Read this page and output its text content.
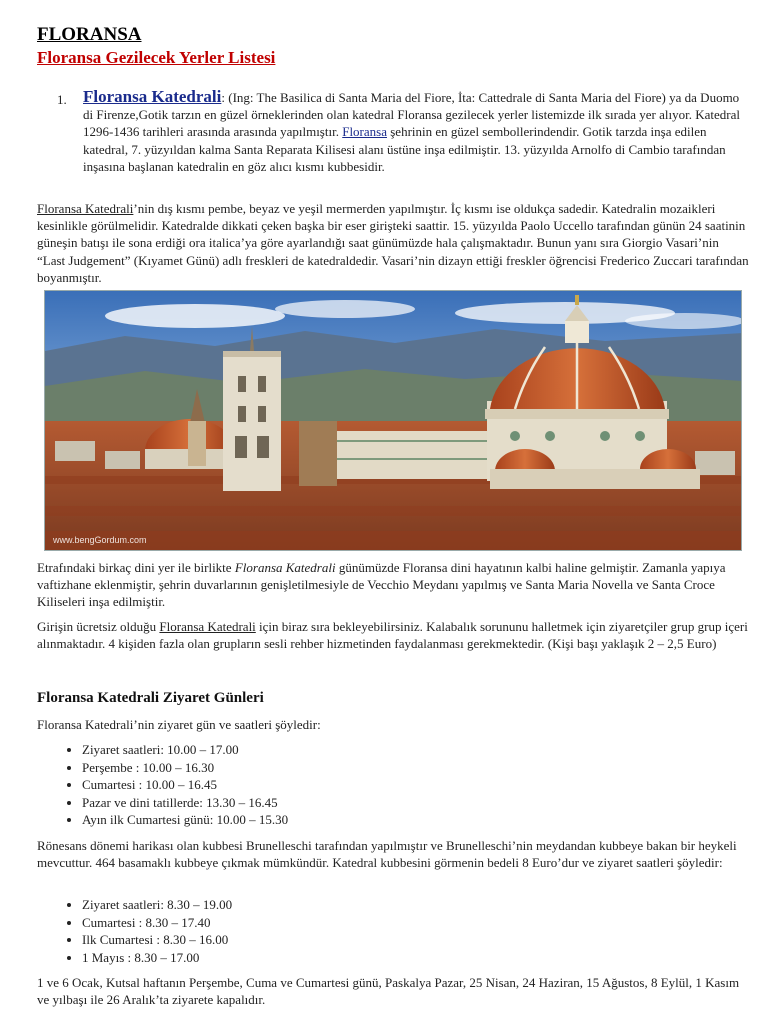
FLORANSA
Floransa Gezilecek Yerler Listesi
1. Floransa Katedrali: (Ing: The Basilica di Santa Maria del Fiore, İta: Cattedrale di Santa Maria del Fiore) ya da Duomo di Firenze,Gotik tarzın en güzel örneklerinden olan katedral Floransa gezilecek yerler listemizde ilk sırada yer alıyor. Katedral 1296-1436 tarihleri arasında arasında yapılmıştır. Floransa şehrinin en güzel sembollerindendir. Gotik tarzda inşa edilen katedral, 7. yüzyıldan kalma Santa Reparata Kilisesi alanı üstüne inşa edilmiştir. 13. yüzyılda Arnolfo di Cambio tarafından inşasına başlanan katedralin en göz alıcı kısmı kubbesidir.

Floransa Katedrali’nin dış kısmı pembe, beyaz ve yeşil mermerden yapılmıştır. İç kısmı ise oldukça sadedir. Katedralin mozaikleri kesinlikle görülmelidir. Katedralde dikkati çeken başka bir eser girişteki saattir. 15. yüzyılda Paolo Uccello tarafından günün 24 saatinin güneşin batışı ile sona erdiği ora italica’ya göre ayarlandığı saat günümüzde hala çalışmaktadır. Bunun yanı sıra Giorgio Vasari’nin “Last Judgement” (Kıyamet Günü) adlı freskleri de katedraldedir. Vasari’nin dizayn ettiği freskler öğrencisi Frederico Zuccari tarafından boyanmıştır.

www.bengGordum.com

Etrafındaki birkaç dini yer ile birlikte Floransa Katedrali günümüzde Floransa dini hayatının kalbi haline gelmiştir. Zamanla yapıya vaftizhane eklenmiştir, şehrin duvarlarının genişletilmesiyle de Vecchio Meydanı yapılmış ve Santa Maria Novella ve Santa Croce Kiliseleri inşa edilmiştir.

Girişin ücretsiz olduğu Floransa Katedrali için biraz sıra bekleyebilirsiniz. Kalabalık sorununu halletmek için ziyaretçiler grup grup içeri alınmaktadır. 4 kişiden fazla olan grupların sesli rehber hizmetinden faydalanması gerekmektedir. (Kişi başı yaklaşık 2 – 2,5 Euro)

Floransa Katedrali Ziyaret Günleri

Floransa Katedrali’nin ziyaret gün ve saatleri şöyledir:

• Ziyaret saatleri: 10.00 – 17.00
• Perşembe : 10.00 – 16.30
• Cumartesi : 10.00 – 16.45
• Pazar ve dini tatillerde: 13.30 – 16.45
• Ayın ilk Cumartesi günü: 10.00 – 15.30

Rönesans dönemi harikası olan kubbesi Brunelleschi tarafından yapılmıştır ve Brunelleschi’nin meydandan kubbeye bakan bir heykeli mevcuttur. 464 basamaklı kubbeye çıkmak mümkündür. Katedral kubbesini görmenin bedeli 8 Euro’dur ve ziyaret saatleri şöyledir:

• Ziyaret saatleri: 8.30 – 19.00
• Cumartesi : 8.30 – 17.40
• Ilk Cumartesi : 8.30 – 16.00
• 1 Mayıs : 8.30 – 17.00

1 ve 6 Ocak, Kutsal haftanın Perşembe, Cuma ve Cumartesi günü, Paskalya Pazar, 25 Nisan, 24 Haziran, 15 Ağustos, 8 Eylül, 1 Kasım ve yılbaşı ile 26 Aralık’ta ziyarete kapalıdır.
